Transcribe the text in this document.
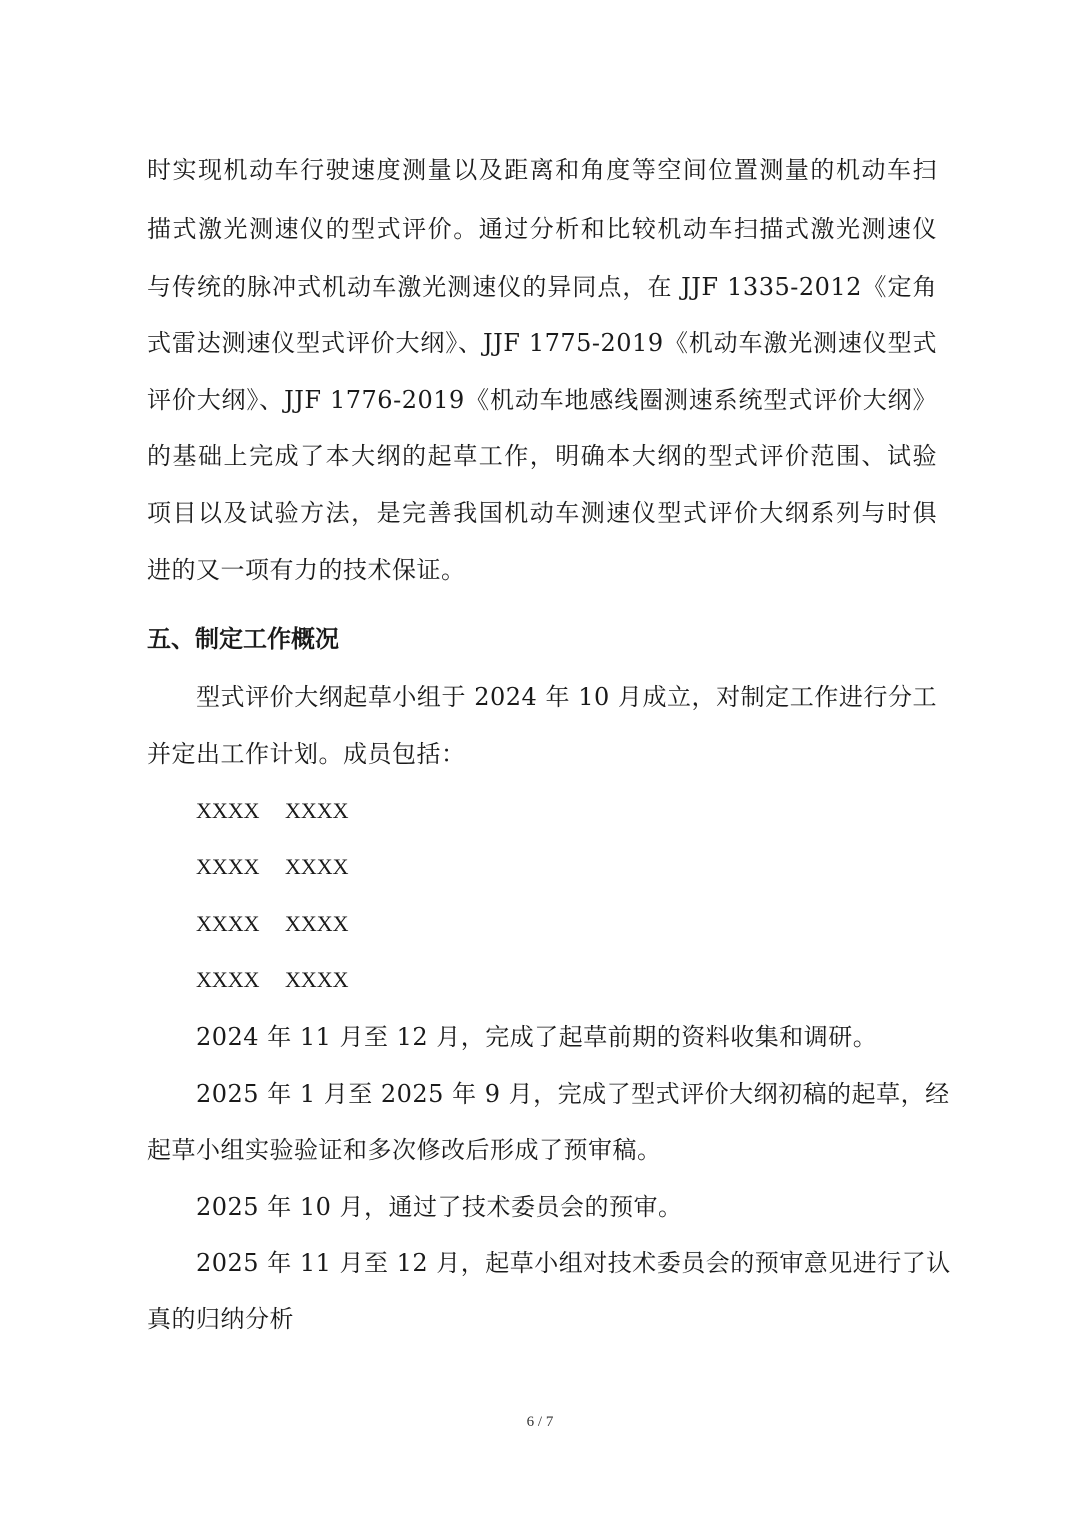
时实现机动车行驶速度测量以及距离和角度等空间位置测量的机动车扫
描式激光测速仪的型式评价。通过分析和比较机动车扫描式激光测速仪
与传统的脉冲式机动车激光测速仪的异同点，在 JJF 1335-2012《定角
式雷达测速仪型式评价大纲》、JJF 1775-2019《机动车激光测速仪型式
评价大纲》、JJF 1776-2019《机动车地感线圈测速系统型式评价大纲》
的基础上完成了本大纲的起草工作，明确本大纲的型式评价范围、试验
项目以及试验方法，是完善我国机动车测速仪型式评价大纲系列与时俱
进的又一项有力的技术保证。
五、制定工作概况
型式评价大纲起草小组于 2024 年 10 月成立，对制定工作进行分工
并定出工作计划。成员包括：
XXXX XXXX
XXXX XXXX
XXXX XXXX
XXXX XXXX
2024 年 11 月至 12 月，完成了起草前期的资料收集和调研。
2025 年 1 月至 2025 年 9 月，完成了型式评价大纲初稿的起草，经
起草小组实验验证和多次修改后形成了预审稿。
2025 年 10 月，通过了技术委员会的预审。
2025 年 11 月至 12 月，起草小组对技术委员会的预审意见进行了认
真的归纳分析
6 / 7
